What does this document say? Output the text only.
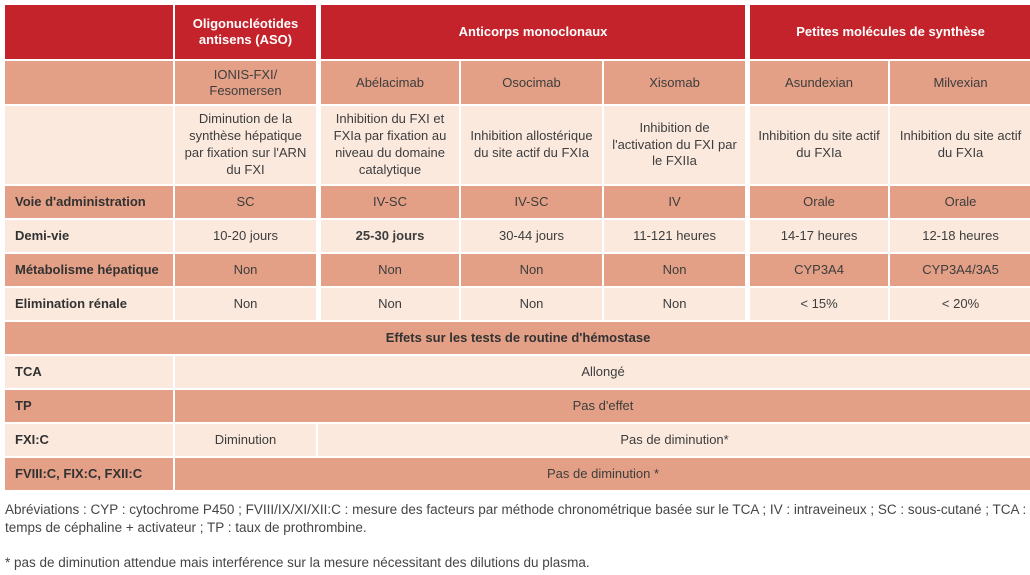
	Oligonucléotides antisens (ASO)	Anticorps monoclonaux			Petites molécules de synthèse	
	IONIS-FXI/ Fesomersen	Abélacimab	Osocimab	Xisomab	Asundexian	Milvexian
	Diminution de la synthèse hépatique par fixation sur l'ARN du FXI	Inhibition du FXI et FXIa par fixation au niveau du domaine catalytique	Inhibition allostérique du site actif du FXIa	Inhibition de l'activation du FXI par le FXIIa	Inhibition du site actif du FXIa	Inhibition du site actif du FXIa
Voie d'administration	SC	IV-SC	IV-SC	IV	Orale	Orale
Demi-vie	10-20 jours	25-30 jours	30-44 jours	11-121 heures	14-17 heures	12-18 heures
Métabolisme hépatique	Non	Non	Non	Non	CYP3A4	CYP3A4/3A5
Elimination rénale	Non	Non	Non	Non	< 15%	< 20%
Effets sur les tests de routine d'hémostase						
TCA	Allongé					
TP	Pas d'effet					
FXI:C	Diminution	Pas de diminution*				
FVIII:C, FIX:C, FXII:C	Pas de diminution *					

Abréviations : CYP : cytochrome P450 ; FVIII/IX/XI/XII:C : mesure des facteurs par méthode chronométrique basée sur le TCA ; IV : intraveineux ; SC : sous-cutané ; TCA : temps de céphaline + activateur ; TP : taux de prothrombine.

* pas de diminution attendue mais interférence sur la mesure nécessitant des dilutions du plasma.
